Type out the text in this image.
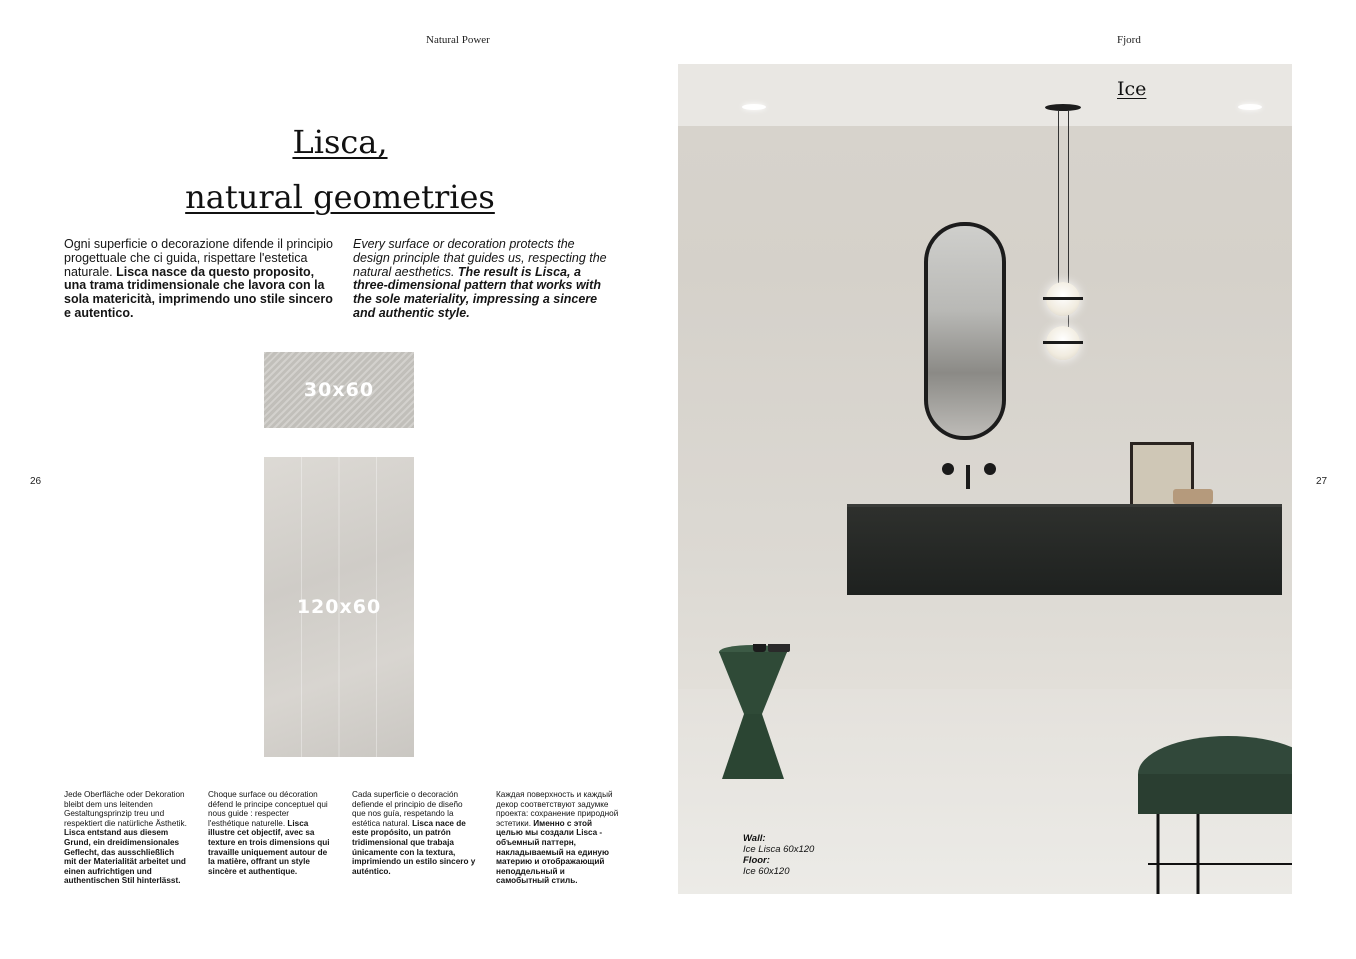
Natural Power	Fjord
26	27
Lisca,
natural geometries
Ogni superficie o decorazione difende il principio progettuale che ci guida, rispettare l'estetica naturale. Lisca nasce da questo proposito, una trama tridimensionale che lavora con la sola matericità, imprimendo uno stile sincero e autentico.
Every surface or decoration protects the design principle that guides us, respecting the natural aesthetics. The result is Lisca, a three-dimensional pattern that works with the sole materiality, impressing a sincere and authentic style.
30x60
120x60
Jede Oberfläche oder Dekoration bleibt dem uns leitenden Gestaltungsprinzip treu und respektiert die natürliche Ästhetik. Lisca entstand aus diesem Grund, ein dreidimensionales Geflecht, das ausschließlich mit der Materialität arbeitet und einen aufrichtigen und authentischen Stil hinterlässt.
Choque surface ou décoration défend le principe conceptuel qui nous guide : respecter l'esthétique naturelle. Lisca illustre cet objectif, avec sa texture en trois dimensions qui travaille uniquement autour de la matière, offrant un style sincère et authentique.
Cada superficie o decoración defiende el principio de diseño que nos guía, respetando la estética natural. Lisca nace de este propósito, un patrón tridimensional que trabaja únicamente con la textura, imprimiendo un estilo sincero y auténtico.
Каждая поверхность и каждый декор соответствуют задумке проекта: сохранение природной эстетики. Именно с этой целью мы создали Lisca - объемный паттерн, накладываемый на единую материю и отображающий неподдельный и самобытный стиль.
Ice
Wall:
Ice Lisca 60x120
Floor:
Ice 60x120
